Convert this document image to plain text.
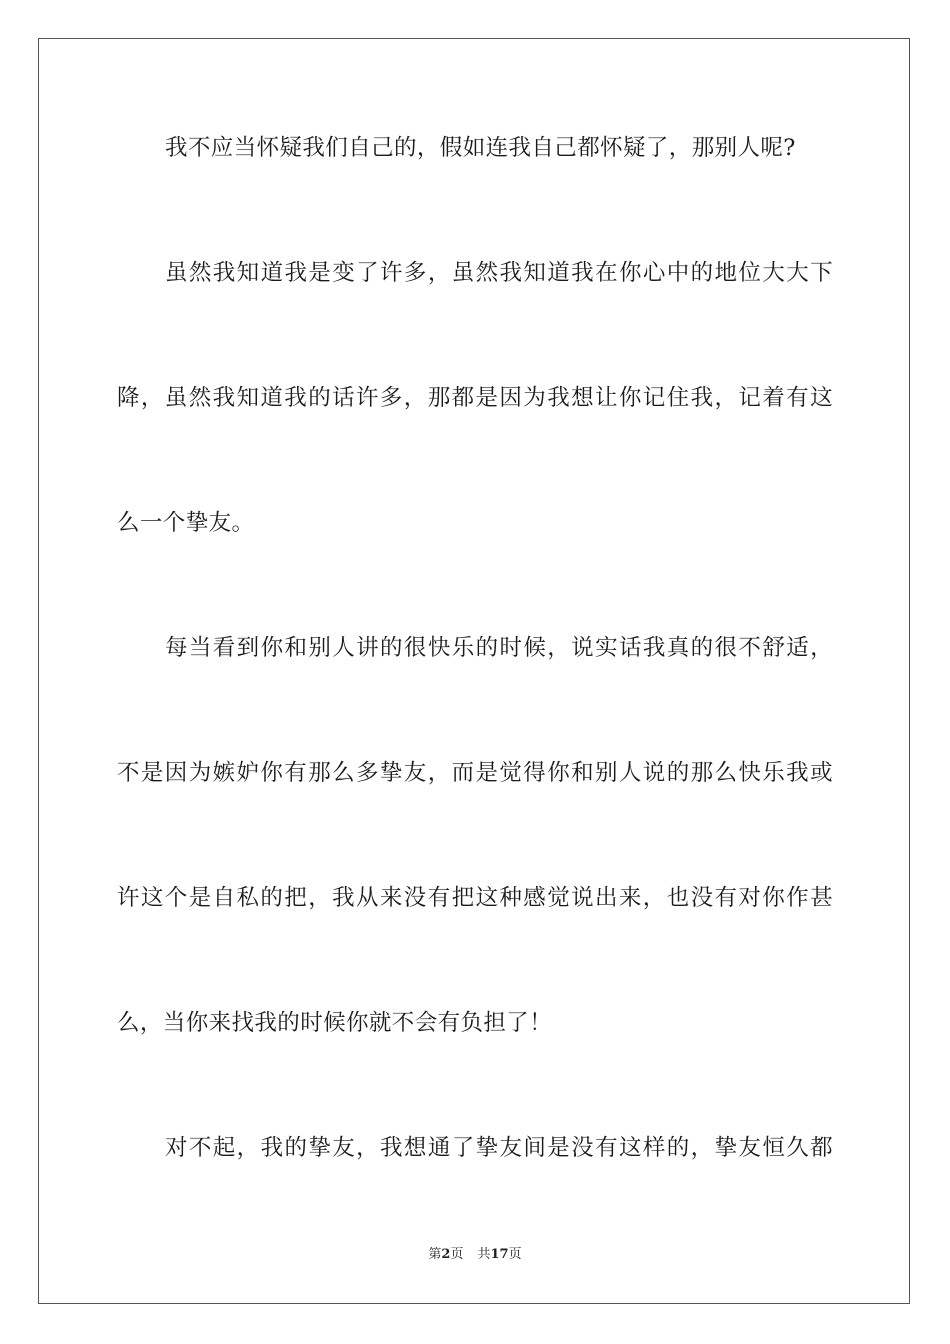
我不应当怀疑我们自己的，假如连我自己都怀疑了，那别人呢?
虽然我知道我是变了许多，虽然我知道我在你心中的地位大大下
降，虽然我知道我的话许多，那都是因为我想让你记住我，记着有这
么一个挚友。
每当看到你和别人讲的很快乐的时候，说实话我真的很不舒适，
不是因为嫉妒你有那么多挚友，而是觉得你和别人说的那么快乐我或
许这个是自私的把，我从来没有把这种感觉说出来，也没有对你作甚
么，当你来找我的时候你就不会有负担了！
对不起，我的挚友，我想通了挚友间是没有这样的，挚友恒久都
第2页 共17页
